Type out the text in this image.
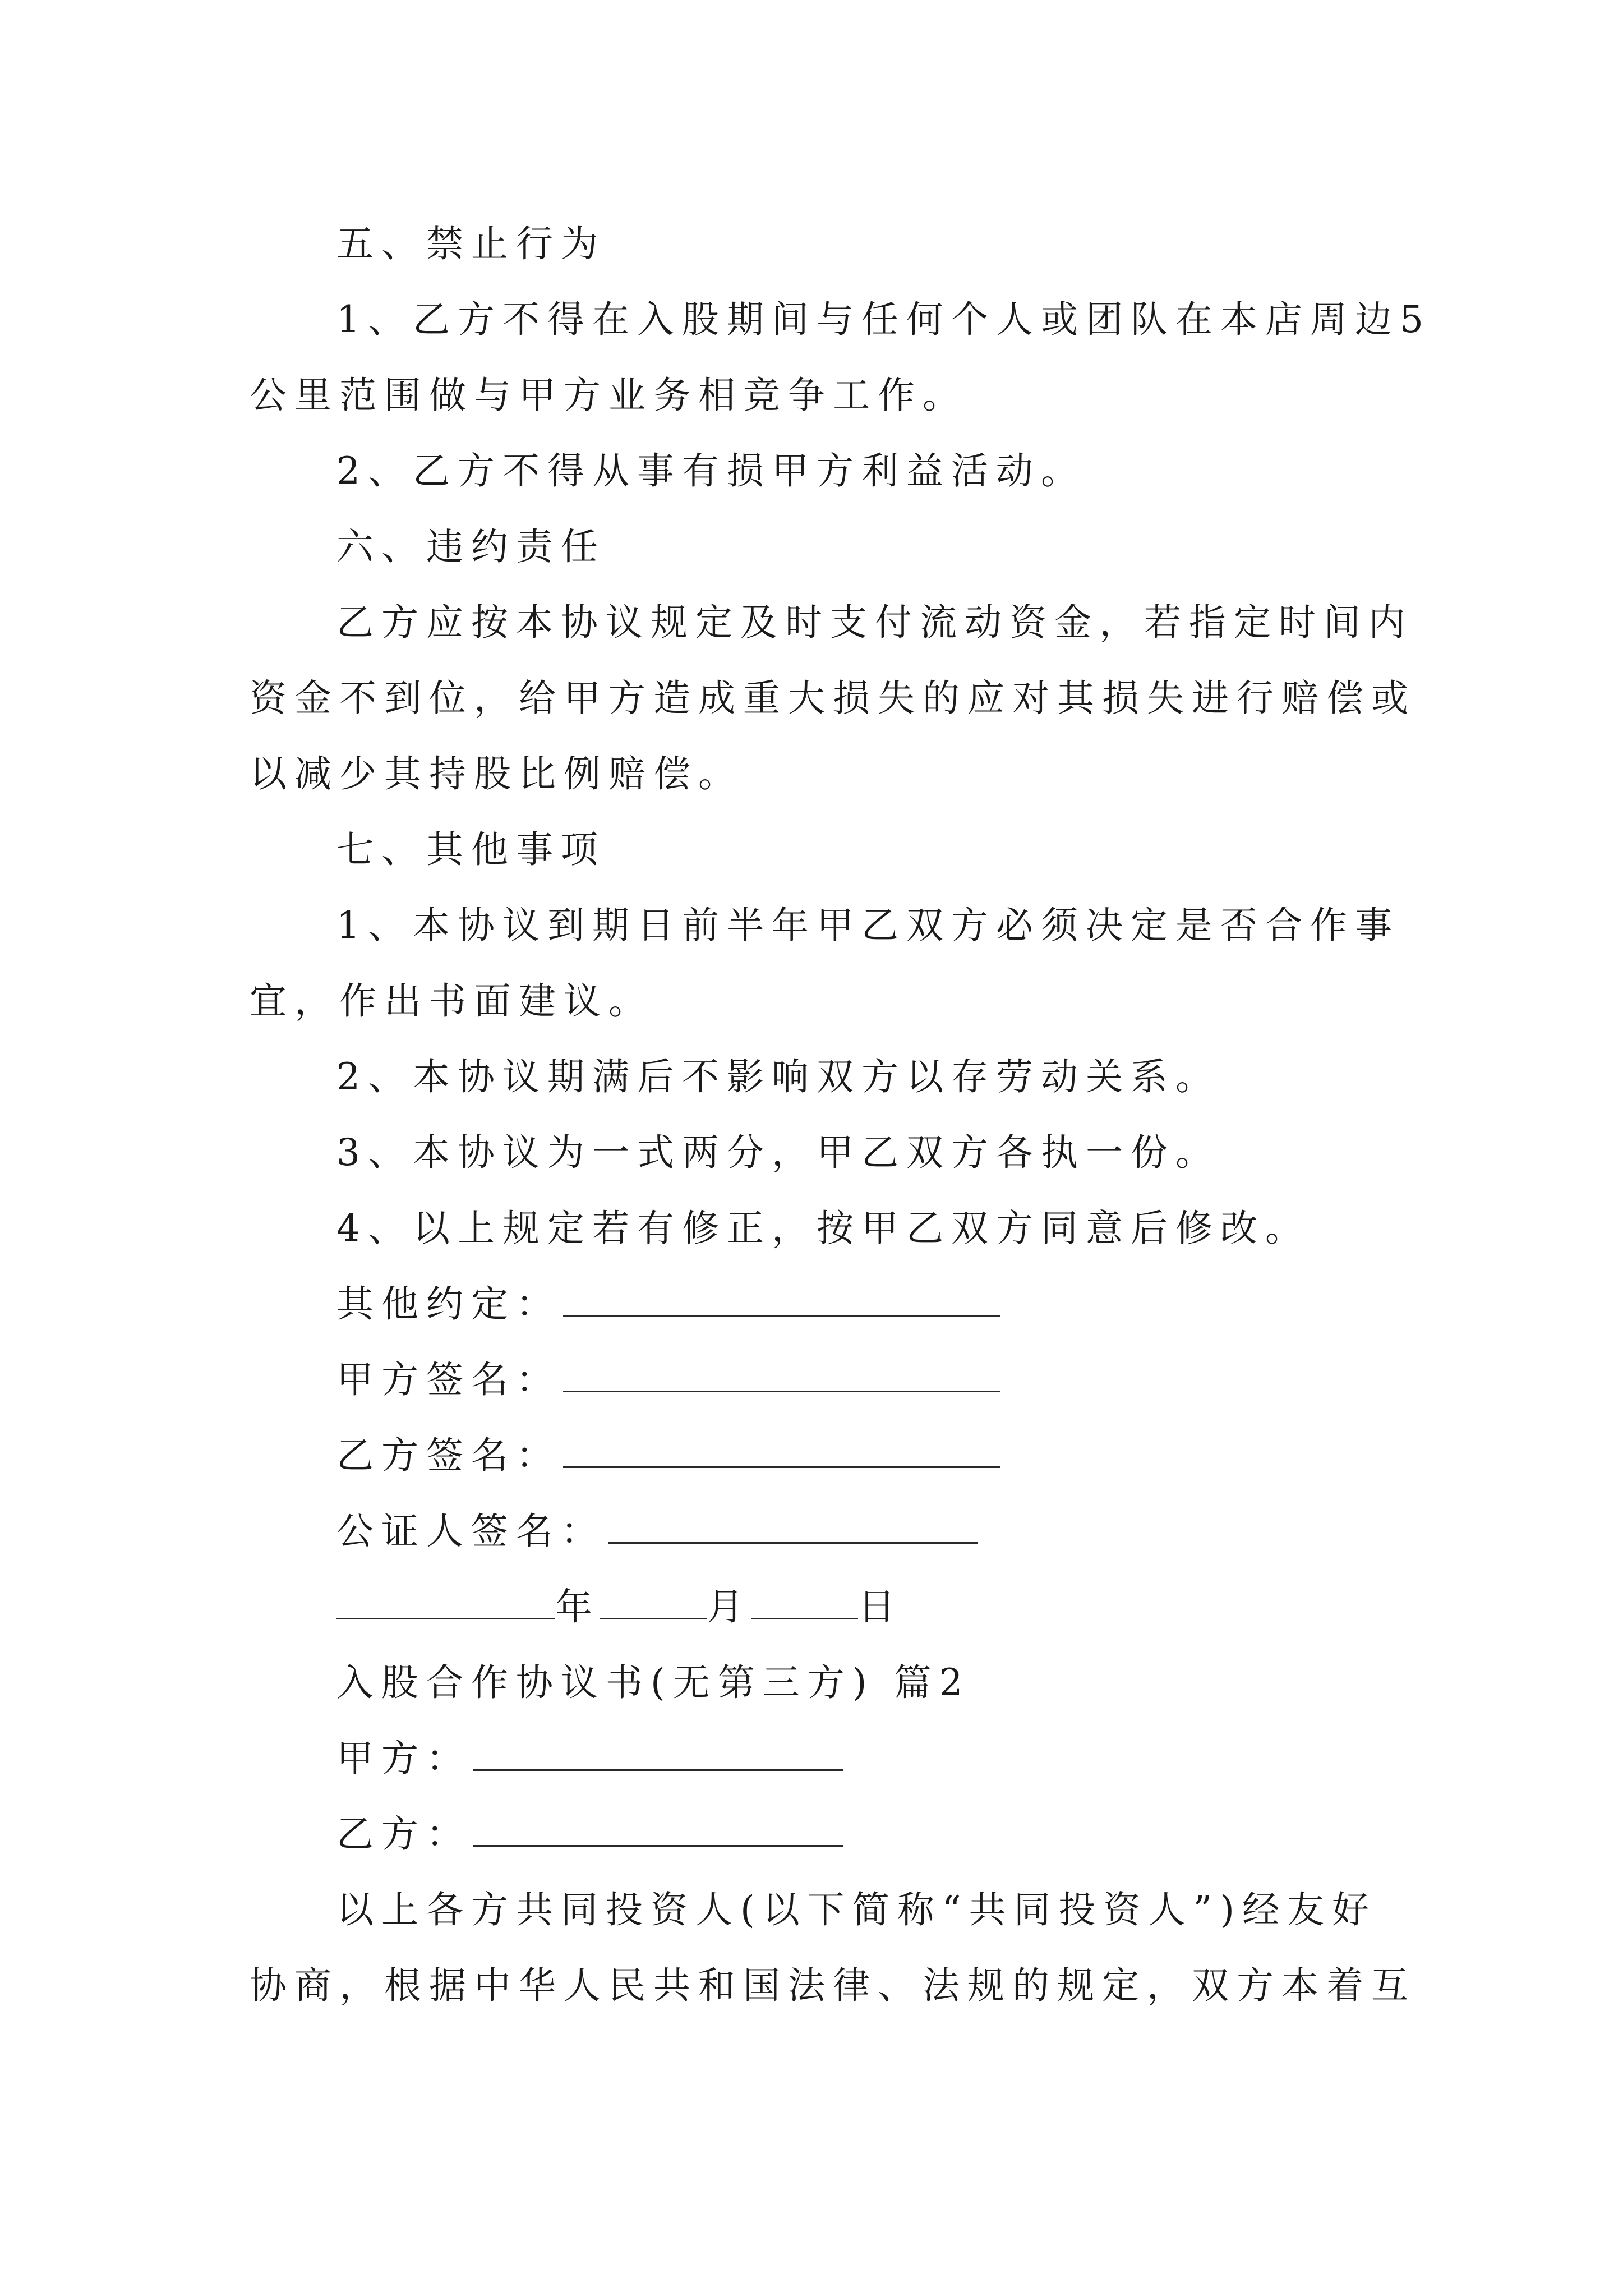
五、禁止行为
1、乙方不得在入股期间与任何个人或团队在本店周边5
公里范围做与甲方业务相竞争工作。
2、乙方不得从事有损甲方利益活动。
六、违约责任
乙方应按本协议规定及时支付流动资金，若指定时间内
资金不到位，给甲方造成重大损失的应对其损失进行赔偿或
以减少其持股比例赔偿。
七、其他事项
1、本协议到期日前半年甲乙双方必须决定是否合作事
宜，作出书面建议。
2、本协议期满后不影响双方以存劳动关系。
3、本协议为一式两分，甲乙双方各执一份。
4、以上规定若有修正，按甲乙双方同意后修改。
其他约定：
甲方签名：
乙方签名：
公证人签名：
年	月	日
入股合作协议书(无第三方) 篇2
甲方：
乙方：
以上各方共同投资人(以下简称“共同投资人”)经友好
协商，根据中华人民共和国法律、法规的规定，双方本着互
